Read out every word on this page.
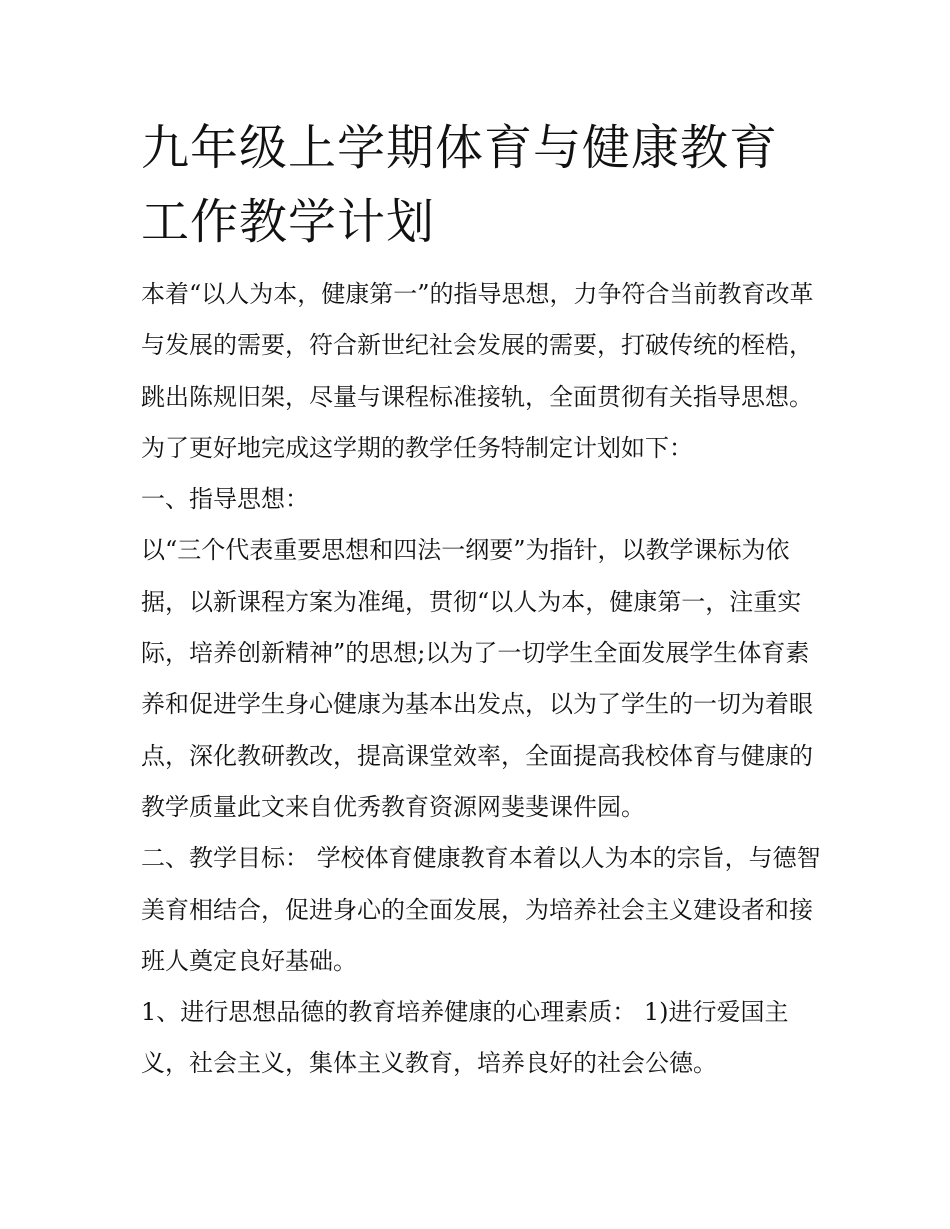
九年级上学期体育与健康教育工作教学计划

本着“以人为本，健康第一”的指导思想，力争符合当前教育改革与发展的需要，符合新世纪社会发展的需要，打破传统的桎梏，跳出陈规旧架，尽量与课程标准接轨，全面贯彻有关指导思想。为了更好地完成这学期的教学任务特制定计划如下：

一、指导思想：

以“三个代表重要思想和四法一纲要”为指针，以教学课标为依据，以新课程方案为准绳，贯彻“以人为本，健康第一，注重实际，培养创新精神”的思想;以为了一切学生全面发展学生体育素养和促进学生身心健康为基本出发点，以为了学生的一切为着眼点，深化教研教改，提高课堂效率，全面提高我校体育与健康的教学质量此文来自优秀教育资源网斐斐课件园。

二、教学目标： 学校体育健康教育本着以人为本的宗旨，与德智美育相结合，促进身心的全面发展，为培养社会主义建设者和接班人奠定良好基础。

1、进行思想品德的教育培养健康的心理素质： 1)进行爱国主义，社会主义，集体主义教育，培养良好的社会公德。
